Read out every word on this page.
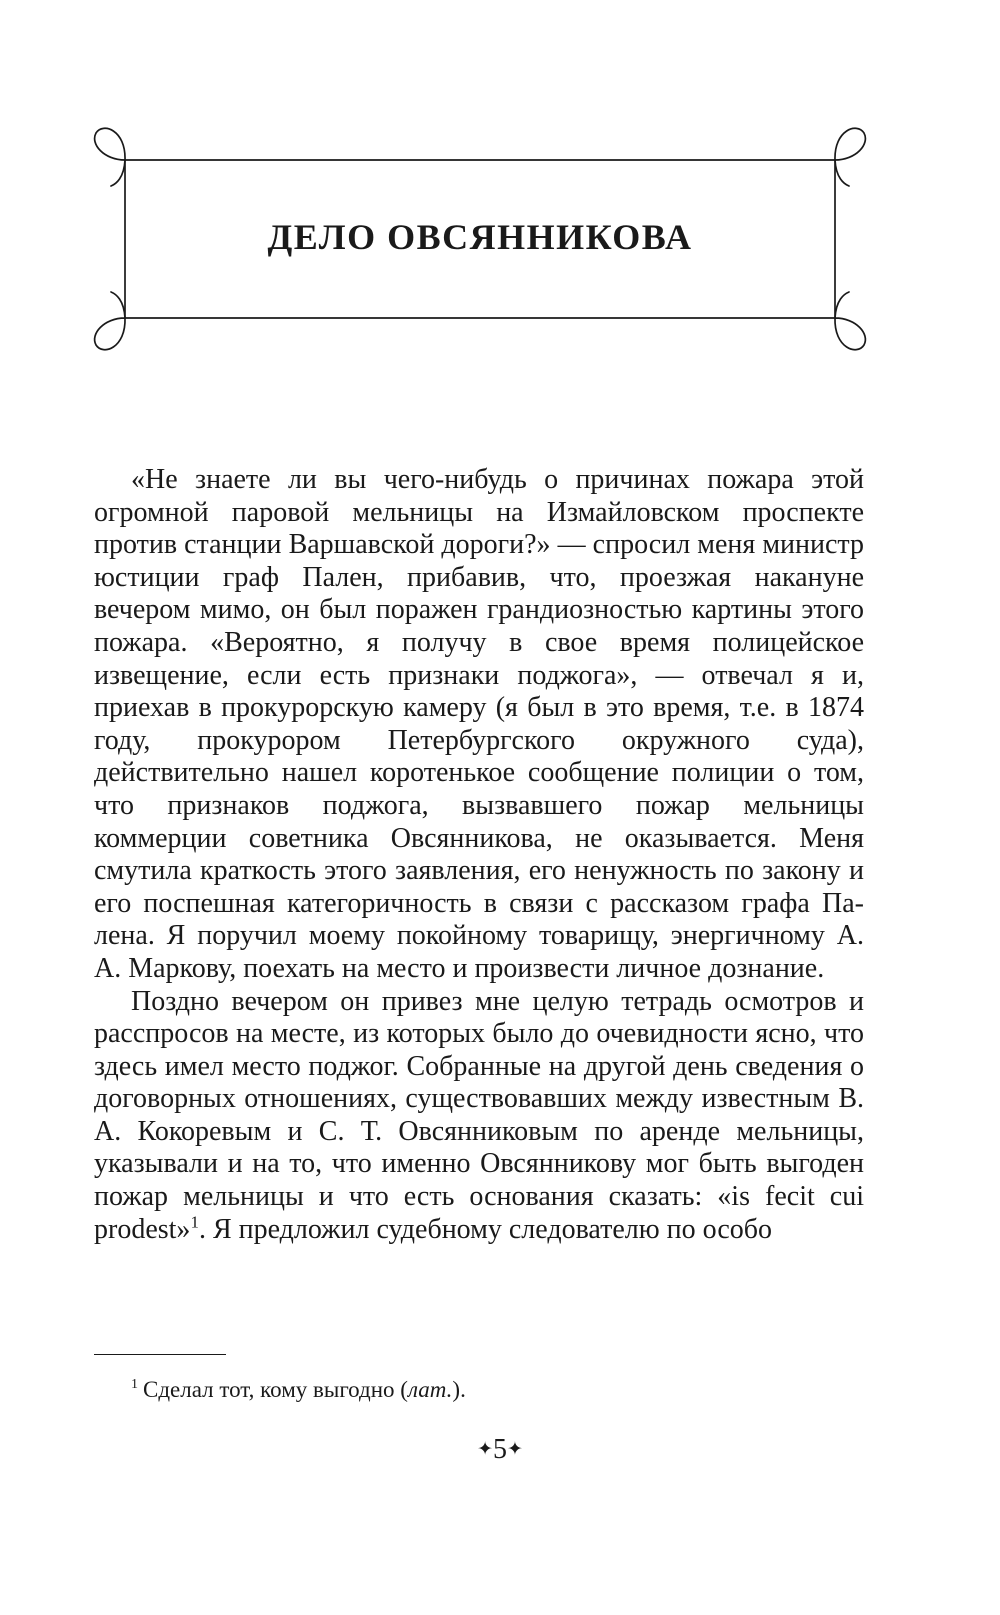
ДЕЛО ОВСЯННИКОВА

«Не знаете ли вы чего-нибудь о причинах пожара этой огромной паровой мельницы на Измайловском проспекте против станции Варшавской дороги?» — спросил меня министр юстиции граф Пален, прибавив, что, проезжая накануне вечером мимо, он был поражен грандиозностью картины этого пожара. «Вероятно, я получу в свое время полицейское извещение, если есть признаки поджога», — отвечал я и, приехав в прокурорскую камеру (я был в это время, т.е. в 1874 году, прокурором Петербургского окружного суда), действительно нашел коротенькое сообщение полиции о том, что признаков поджога, вызвавшего пожар мельницы коммерции советника Овсянникова, не оказывается. Меня смутила краткость этого заявления, его ненужность по закону и его поспешная категоричность в связи с рассказом графа Палена. Я поручил моему покойному товарищу, энергичному А. А. Маркову, поехать на место и произвести личное дознание.

Поздно вечером он привез мне целую тетрадь осмотров и расспросов на месте, из которых было до очевидности ясно, что здесь имел место поджог. Собранные на другой день сведения о договорных отношениях, существовавших между известным В. А. Кокоревым и С. Т. Овсянниковым по аренде мельницы, указывали и на то, что именно Овсянникову мог быть выгоден пожар мельницы и что есть основания сказать: «is fecit cui prodest»$^1$. Я предложил судебному следователю по особо

$^1$ Сделал тот, кому выгодно (лат.).

✦5✦
